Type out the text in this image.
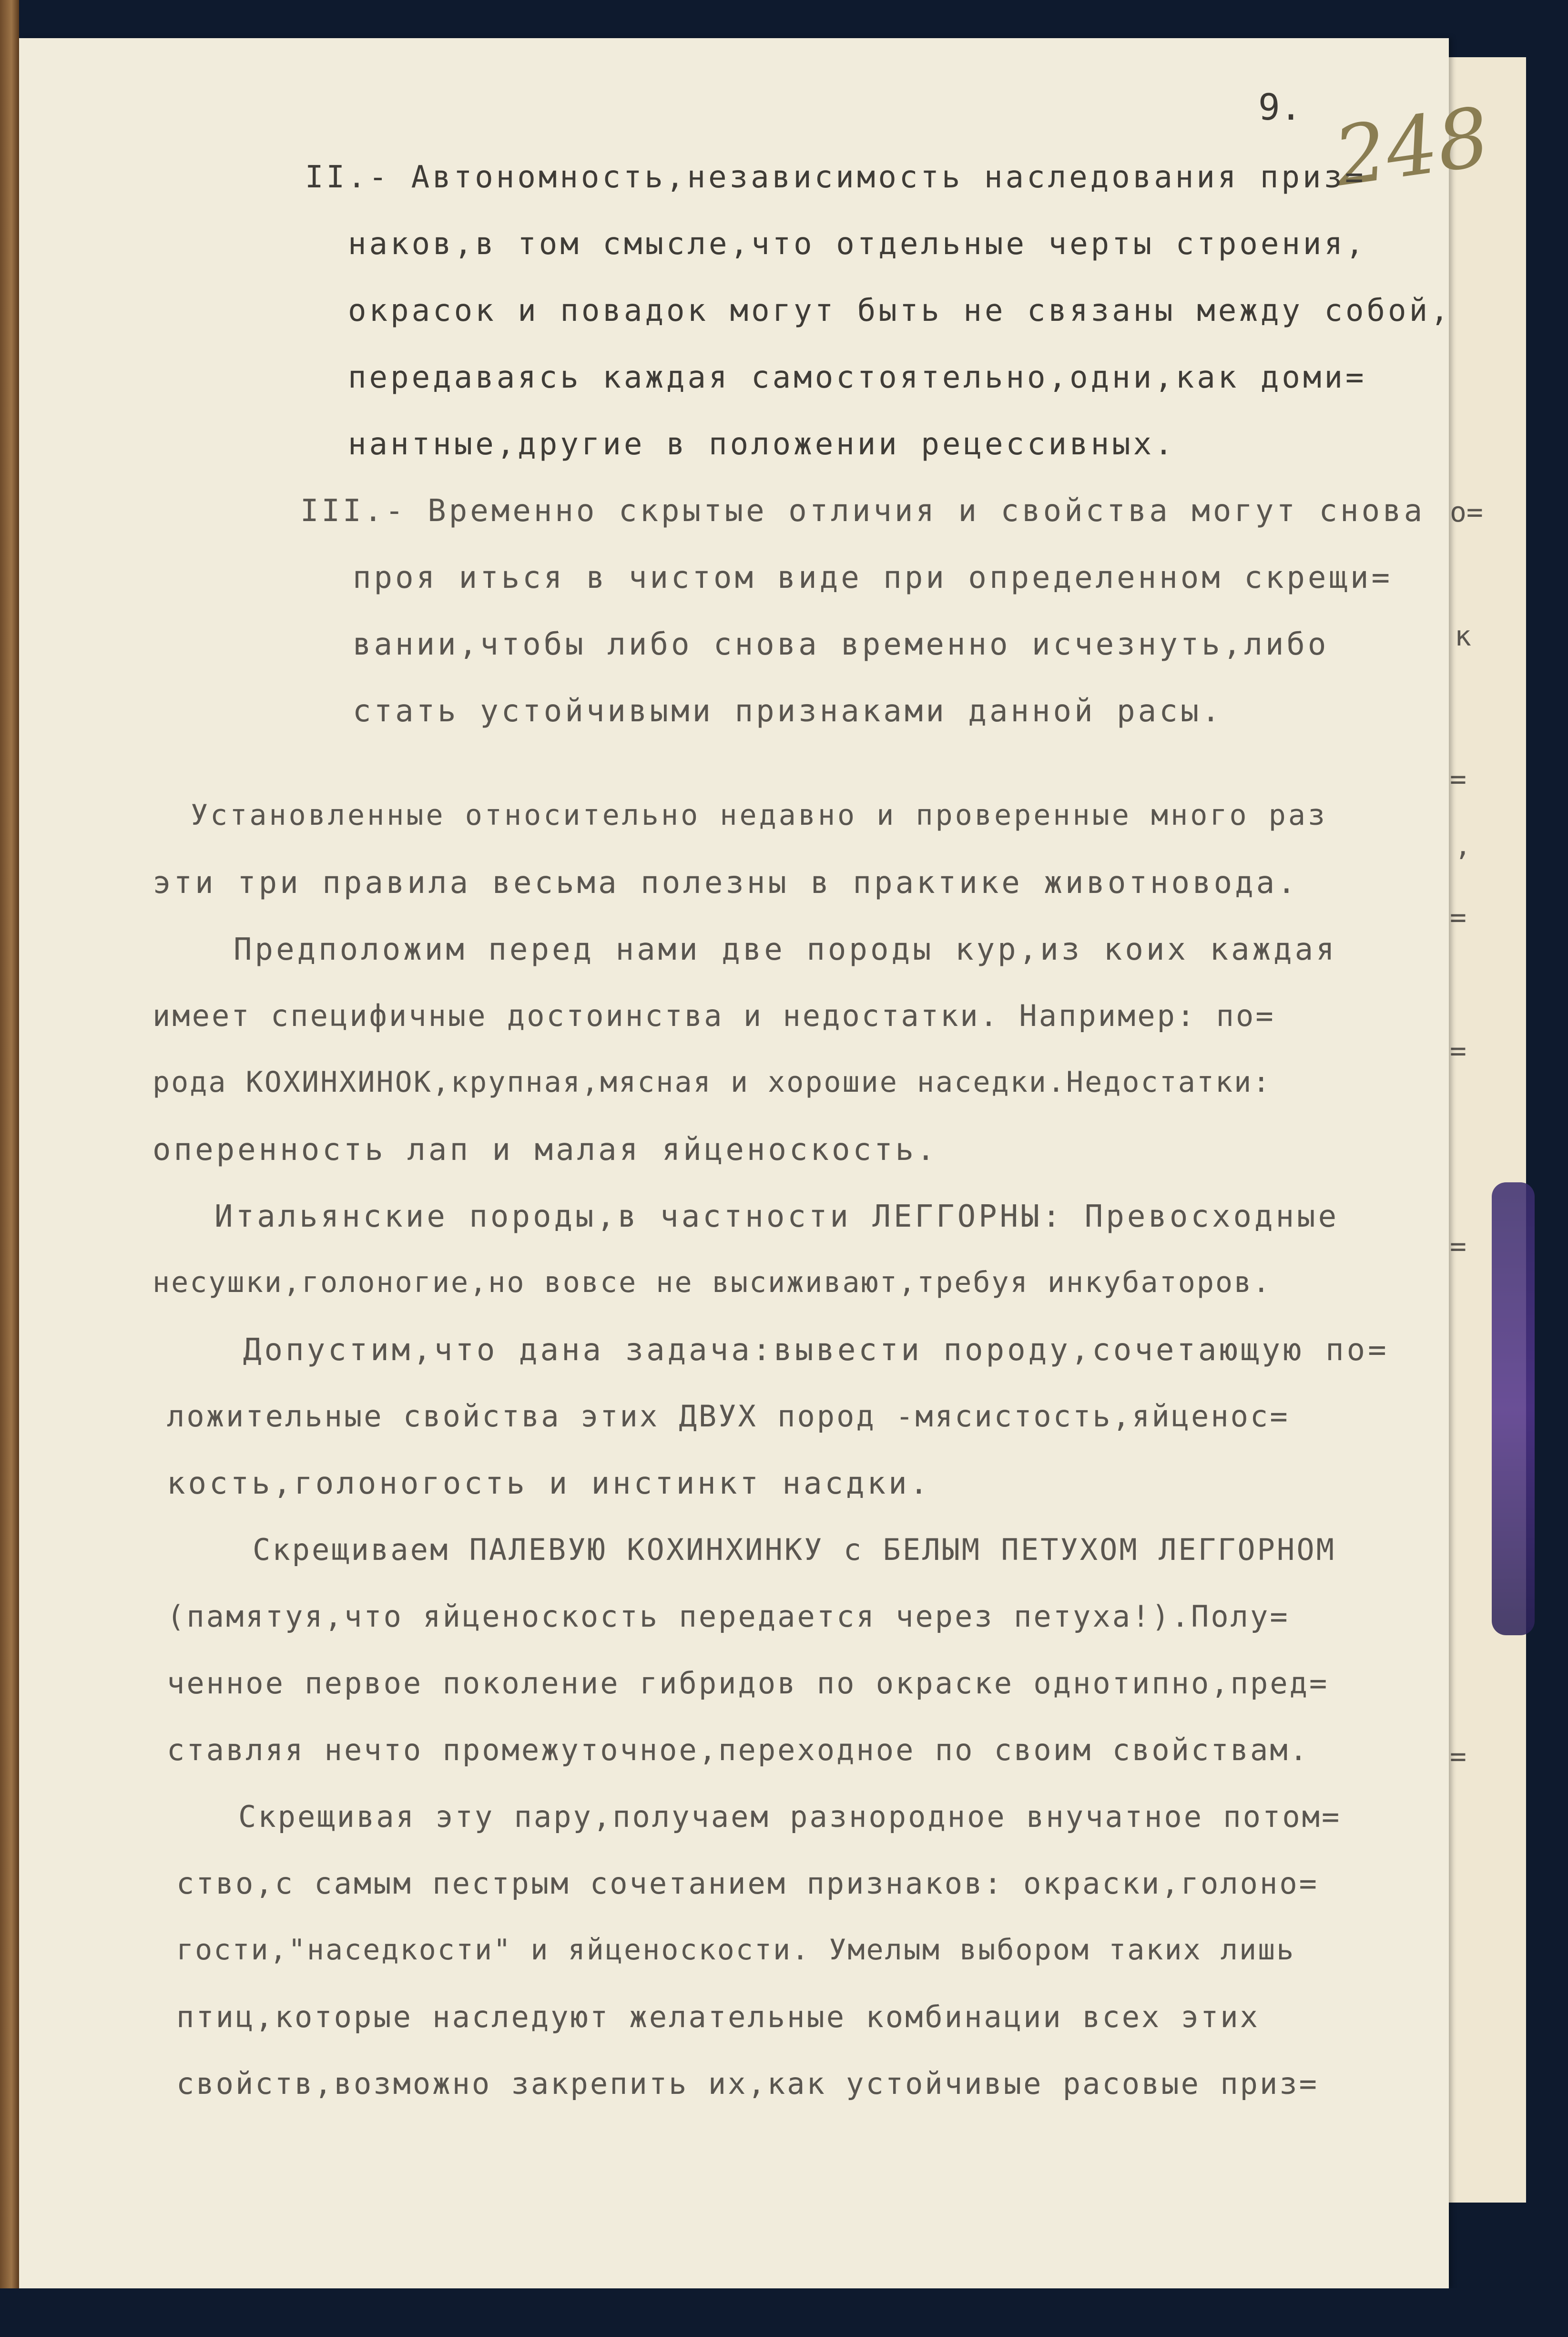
о=
к
=
,
=
=
=
=
9. 248
II.- Автономность,независимость наследования приз=
наков,в том смысле,что отдельные черты строения,
окрасок и повадок могут быть не связаны между собой,
передаваясь каждая самостоятельно,одни,как доми=
нантные,другие в положении рецессивных.
III.- Временно скрытые отличия и свойства могут снова
проя иться в чистом виде при определенном скрещи=
вании,чтобы либо снова временно исчезнуть,либо
стать устойчивыми признаками данной расы.
Установленные относительно недавно и проверенные много раз
эти три правила весьма полезны в практике животновода.
Предположим перед нами две породы кур,из коих каждая
имеет специфичные достоинства и недостатки. Например: по=
рода КОХИНХИНОК,крупная,мясная и хорошие наседки.Недостатки:
оперенность лап и малая яйценоскость.
Итальянские породы,в частности ЛЕГГОРНЫ: Превосходные
несушки,голоногие,но вовсе не высиживают,требуя инкубаторов.
Допустим,что дана задача:вывести породу,сочетающую по=
ложительные свойства этих ДВУХ пород -мясистость,яйценос=
кость,голоногость и инстинкт насдки.
Скрещиваем ПАЛЕВУЮ КОХИНХИНКУ с БЕЛЫМ ПЕТУХОМ ЛЕГГОРНОМ
(памятуя,что яйценоскость передается через петуха!).Полу=
ченное первое поколение гибридов по окраске однотипно,пред=
ставляя нечто промежуточное,переходное по своим свойствам.
Скрещивая эту пару,получаем разнородное внучатное потом=
ство,с самым пестрым сочетанием признаков: окраски,голоно=
гости,"наседкости" и яйценоскости. Умелым выбором таких лишь
птиц,которые наследуют желательные комбинации всех этих
свойств,возможно закрепить их,как устойчивые расовые приз=
